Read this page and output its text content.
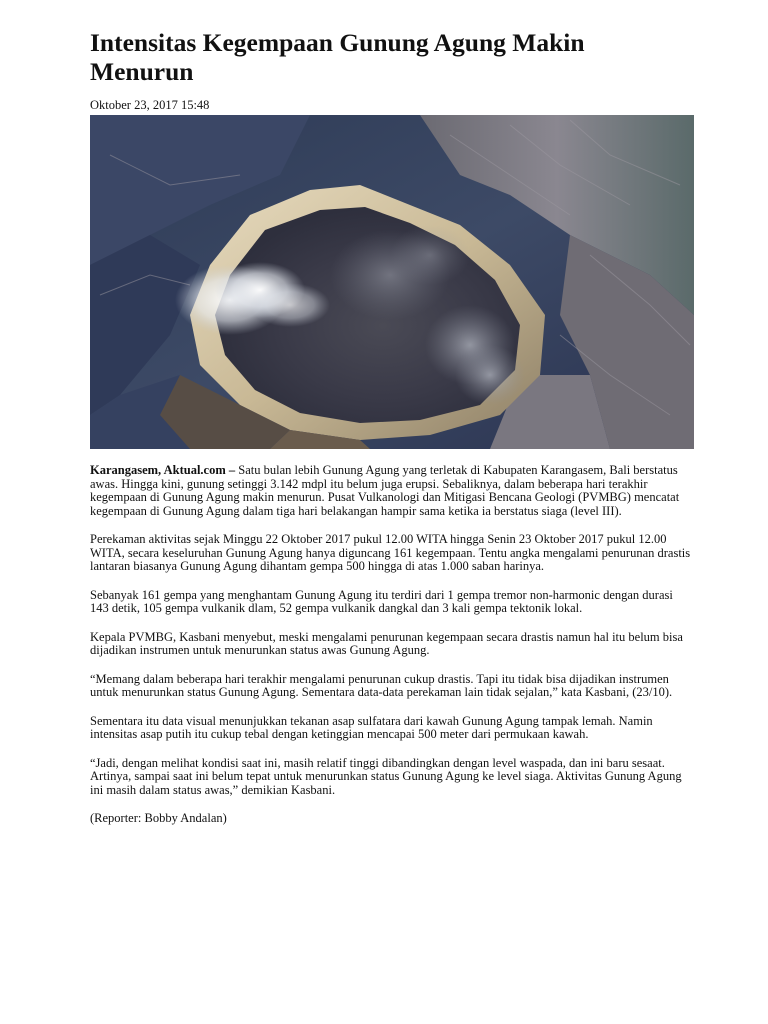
Intensitas Kegempaan Gunung Agung Makin Menurun
Oktober 23, 2017 15:48

Karangasem, Aktual.com – Satu bulan lebih Gunung Agung yang terletak di Kabupaten Karangasem, Bali berstatus awas. Hingga kini, gunung setinggi 3.142 mdpl itu belum juga erupsi. Sebaliknya, dalam beberapa hari terakhir kegempaan di Gunung Agung makin menurun. Pusat Vulkanologi dan Mitigasi Bencana Geologi (PVMBG) mencatat kegempaan di Gunung Agung dalam tiga hari belakangan hampir sama ketika ia berstatus siaga (level III).

Perekaman aktivitas sejak Minggu 22 Oktober 2017 pukul 12.00 WITA hingga Senin 23 Oktober 2017 pukul 12.00 WITA, secara keseluruhan Gunung Agung hanya diguncang 161 kegempaan. Tentu angka mengalami penurunan drastis lantaran biasanya Gunung Agung dihantam gempa 500 hingga di atas 1.000 saban harinya.

Sebanyak 161 gempa yang menghantam Gunung Agung itu terdiri dari 1 gempa tremor non-harmonic dengan durasi 143 detik, 105 gempa vulkanik dlam, 52 gempa vulkanik dangkal dan 3 kali gempa tektonik lokal.

Kepala PVMBG, Kasbani menyebut, meski mengalami penurunan kegempaan secara drastis namun hal itu belum bisa dijadikan instrumen untuk menurunkan status awas Gunung Agung.

“Memang dalam beberapa hari terakhir mengalami penurunan cukup drastis. Tapi itu tidak bisa dijadikan instrumen untuk menurunkan status Gunung Agung. Sementara data-data perekaman lain tidak sejalan,” kata Kasbani, (23/10).

Sementara itu data visual menunjukkan tekanan asap sulfatara dari kawah Gunung Agung tampak lemah. Namin intensitas asap putih itu cukup tebal dengan ketinggian mencapai 500 meter dari permukaan kawah.

“Jadi, dengan melihat kondisi saat ini, masih relatif tinggi dibandingkan dengan level waspada, dan ini baru sesaat. Artinya, sampai saat ini belum tepat untuk menurunkan status Gunung Agung ke level siaga. Aktivitas Gunung Agung ini masih dalam status awas,” demikian Kasbani.

(Reporter: Bobby Andalan)
